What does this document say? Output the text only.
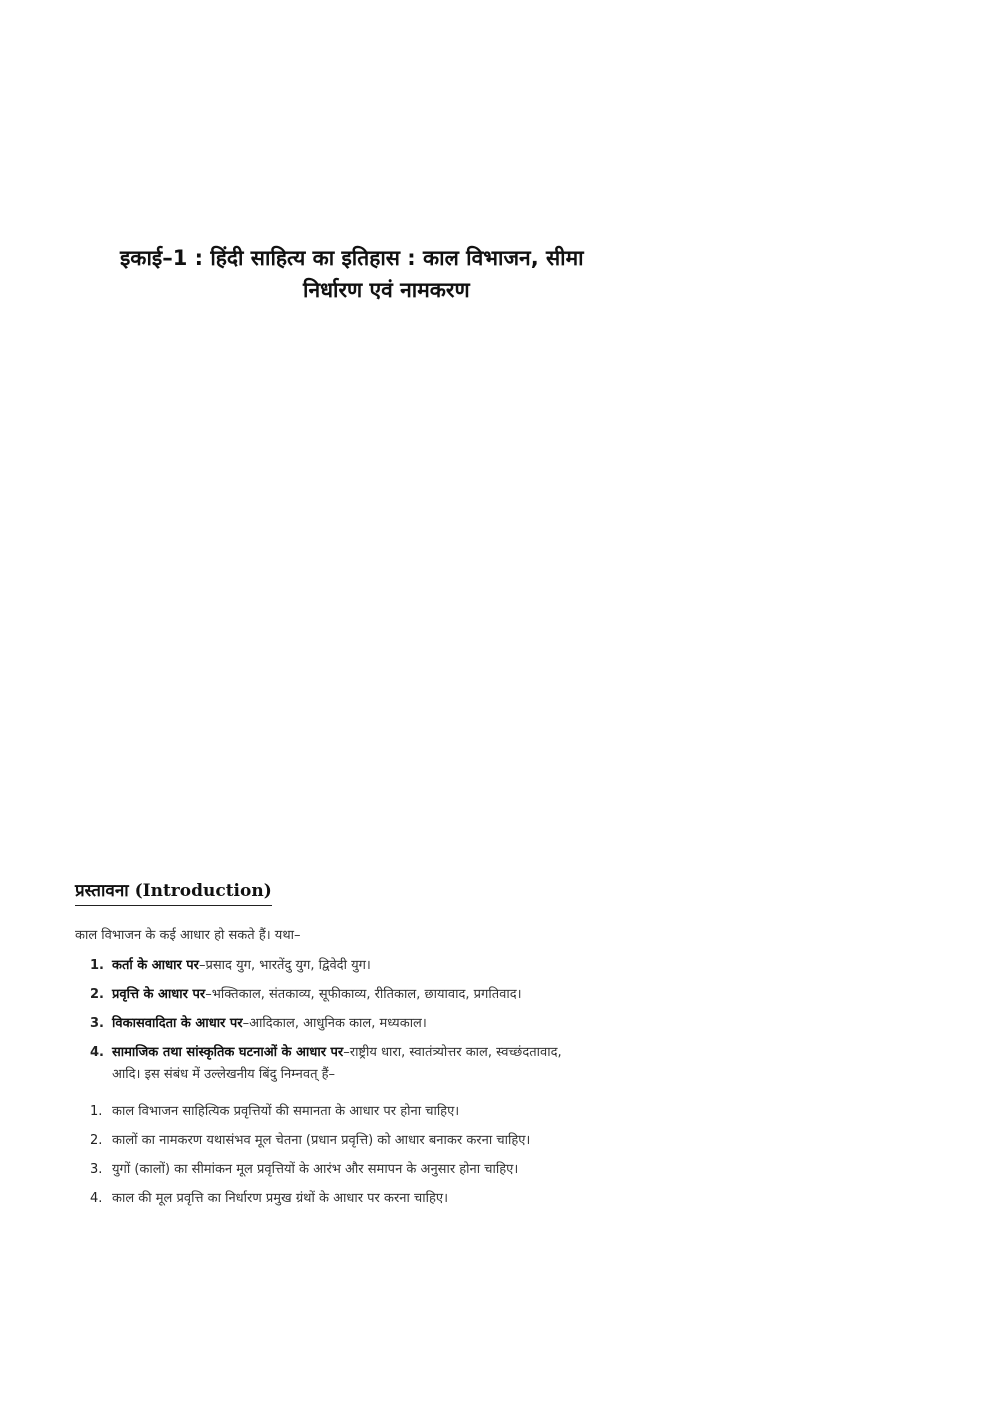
इकाई–1 : हिंदी साहित्य का इतिहास : काल विभाजन, सीमा
निर्धारण एवं नामकरण
प्रस्तावना (Introduction)
काल विभाजन के कई आधार हो सकते हैं। यथा–
1. कर्ता के आधार पर–प्रसाद युग, भारतेंदु युग, द्विवेदी युग।
2. प्रवृत्ति के आधार पर–भक्तिकाल, संतकाव्य, सूफीकाव्य, रीतिकाल, छायावाद, प्रगतिवाद।
3. विकासवादिता के आधार पर–आदिकाल, आधुनिक काल, मध्यकाल।
4. सामाजिक तथा सांस्कृतिक घटनाओं के आधार पर–राष्ट्रीय धारा, स्वातंत्र्योत्तर काल, स्वच्छंदतावाद,
आदि। इस संबंध में उल्लेखनीय बिंदु निम्नवत् हैं–
1. काल विभाजन साहित्यिक प्रवृत्तियों की समानता के आधार पर होना चाहिए।
2. कालों का नामकरण यथासंभव मूल चेतना (प्रधान प्रवृत्ति) को आधार बनाकर करना चाहिए।
3. युगों (कालों) का सीमांकन मूल प्रवृत्तियों के आरंभ और समापन के अनुसार होना चाहिए।
4. काल की मूल प्रवृत्ति का निर्धारण प्रमुख ग्रंथों के आधार पर करना चाहिए।
